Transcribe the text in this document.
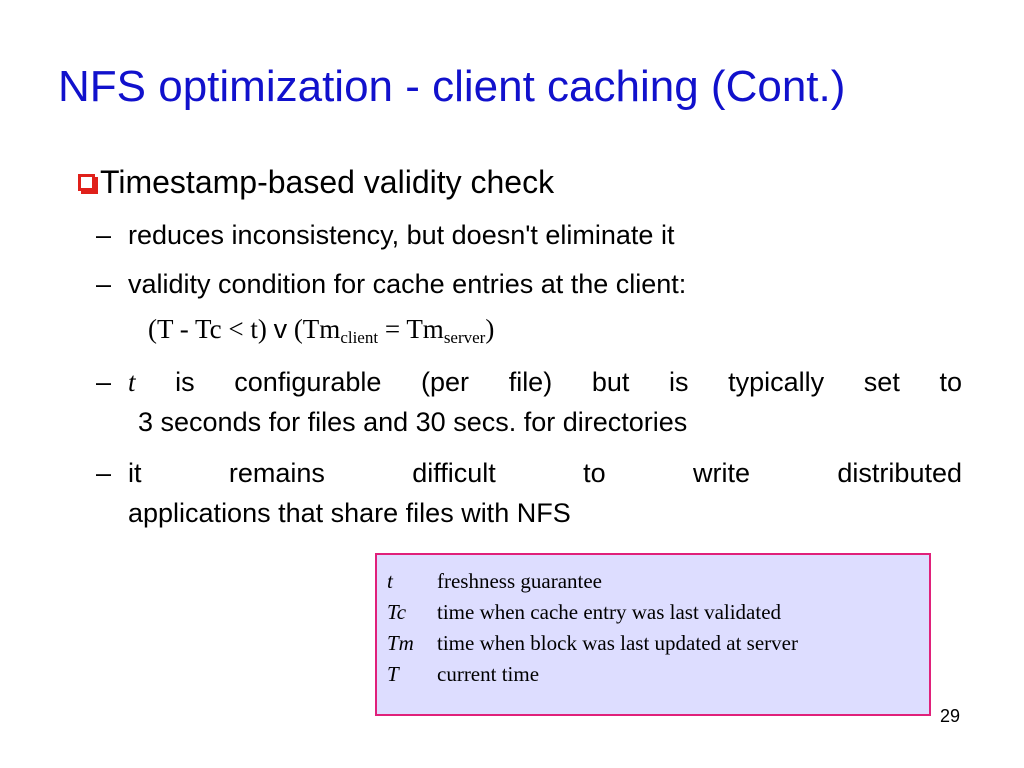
NFS optimization - client caching (Cont.)
Timestamp-based validity check
– reduces inconsistency, but doesn't eliminate it
– validity condition for cache entries at the client:
(T - Tc < t) v $(Tm_{client} = Tm_{server})$
– t is configurable (per file) but is typically set to
3 seconds for files and 30 secs. for directories
– it remains difficult to write distributed
applications that share files with NFS
t	freshness guarantee
Tc	time when cache entry was last validated
Tm	time when block was last updated at server
T	current time
29
